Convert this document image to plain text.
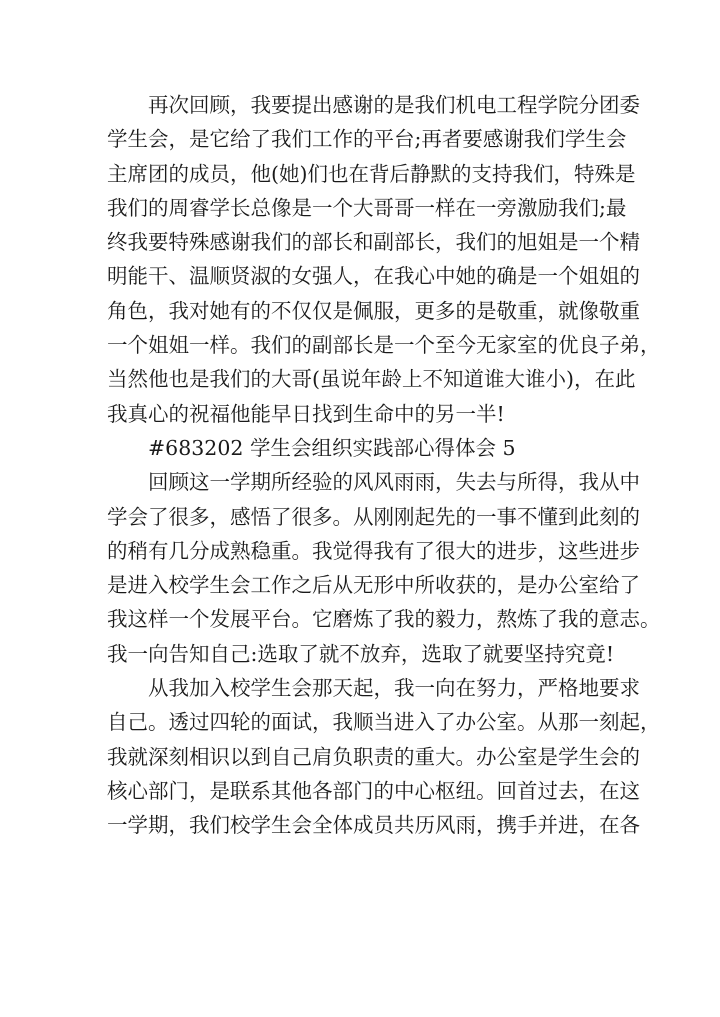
再次回顾，我要提出感谢的是我们机电工程学院分团委
学生会，是它给了我们工作的平台;再者要感谢我们学生会
主席团的成员，他(她)们也在背后静默的支持我们，特殊是
我们的周睿学长总像是一个大哥哥一样在一旁激励我们;最
终我要特殊感谢我们的部长和副部长，我们的旭姐是一个精
明能干、温顺贤淑的女强人，在我心中她的确是一个姐姐的
角色，我对她有的不仅仅是佩服，更多的是敬重，就像敬重
一个姐姐一样。我们的副部长是一个至今无家室的优良子弟，
当然他也是我们的大哥(虽说年龄上不知道谁大谁小)，在此
我真心的祝福他能早日找到生命中的另一半!
#683202 学生会组织实践部心得体会 5
回顾这一学期所经验的风风雨雨，失去与所得，我从中
学会了很多，感悟了很多。从刚刚起先的一事不懂到此刻的
的稍有几分成熟稳重。我觉得我有了很大的进步，这些进步
是进入校学生会工作之后从无形中所收获的，是办公室给了
我这样一个发展平台。它磨炼了我的毅力，熬炼了我的意志。
我一向告知自己:选取了就不放弃，选取了就要坚持究竟!
从我加入校学生会那天起，我一向在努力，严格地要求
自己。透过四轮的面试，我顺当进入了办公室。从那一刻起，
我就深刻相识以到自己肩负职责的重大。办公室是学生会的
核心部门，是联系其他各部门的中心枢纽。回首过去，在这
一学期，我们校学生会全体成员共历风雨，携手并进，在各
